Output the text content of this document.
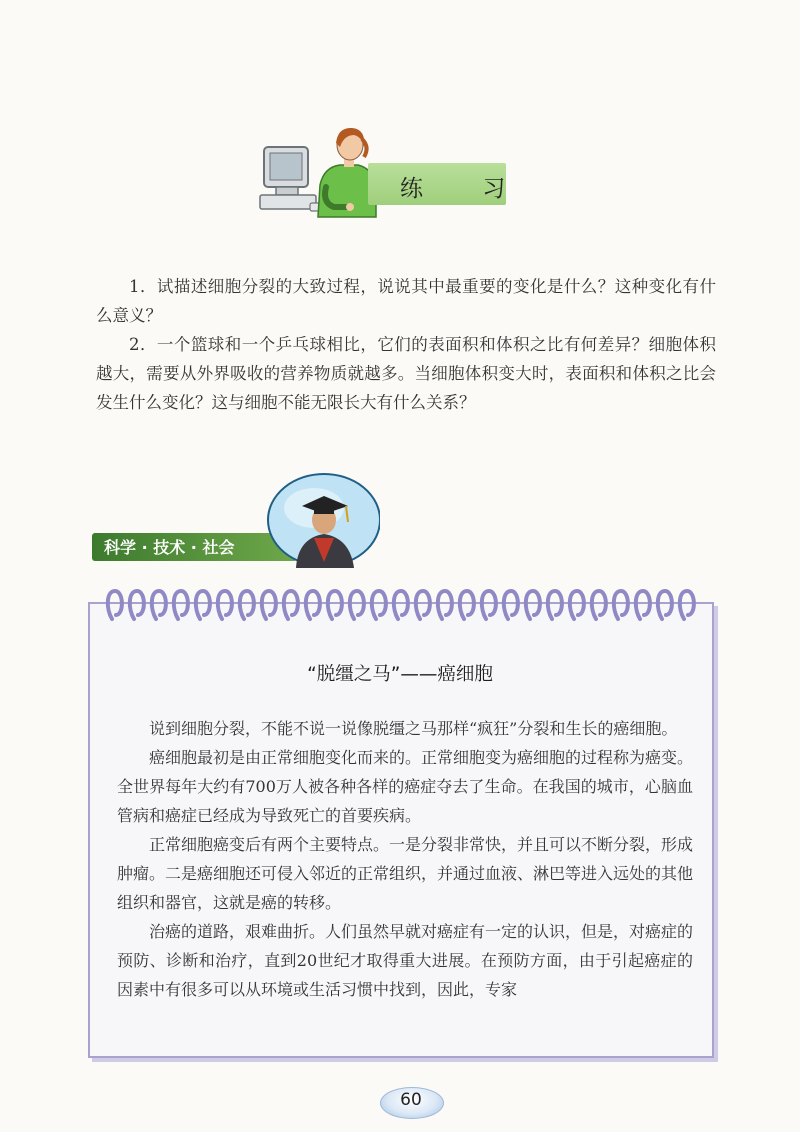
练 习

1．试描述细胞分裂的大致过程，说说其中最重要的变化是什么？这种变化有什么意义？

2．一个篮球和一个乒乓球相比，它们的表面积和体积之比有何差异？细胞体积越大，需要从外界吸收的营养物质就越多。当细胞体积变大时，表面积和体积之比会发生什么变化？这与细胞不能无限长大有什么关系？

科学 · 技术 · 社会
“脱缰之马”——癌细胞

说到细胞分裂，不能不说一说像脱缰之马那样“疯狂”分裂和生长的癌细胞。

癌细胞最初是由正常细胞变化而来的。正常细胞变为癌细胞的过程称为癌变。全世界每年大约有700万人被各种各样的癌症夺去了生命。在我国的城市，心脑血管病和癌症已经成为导致死亡的首要疾病。

正常细胞癌变后有两个主要特点。一是分裂非常快，并且可以不断分裂，形成肿瘤。二是癌细胞还可侵入邻近的正常组织，并通过血液、淋巴等进入远处的其他组织和器官，这就是癌的转移。

治癌的道路，艰难曲折。人们虽然早就对癌症有一定的认识，但是，对癌症的预防、诊断和治疗，直到20世纪才取得重大进展。在预防方面，由于引起癌症的因素中有很多可以从环境或生活习惯中找到，因此，专家

60
